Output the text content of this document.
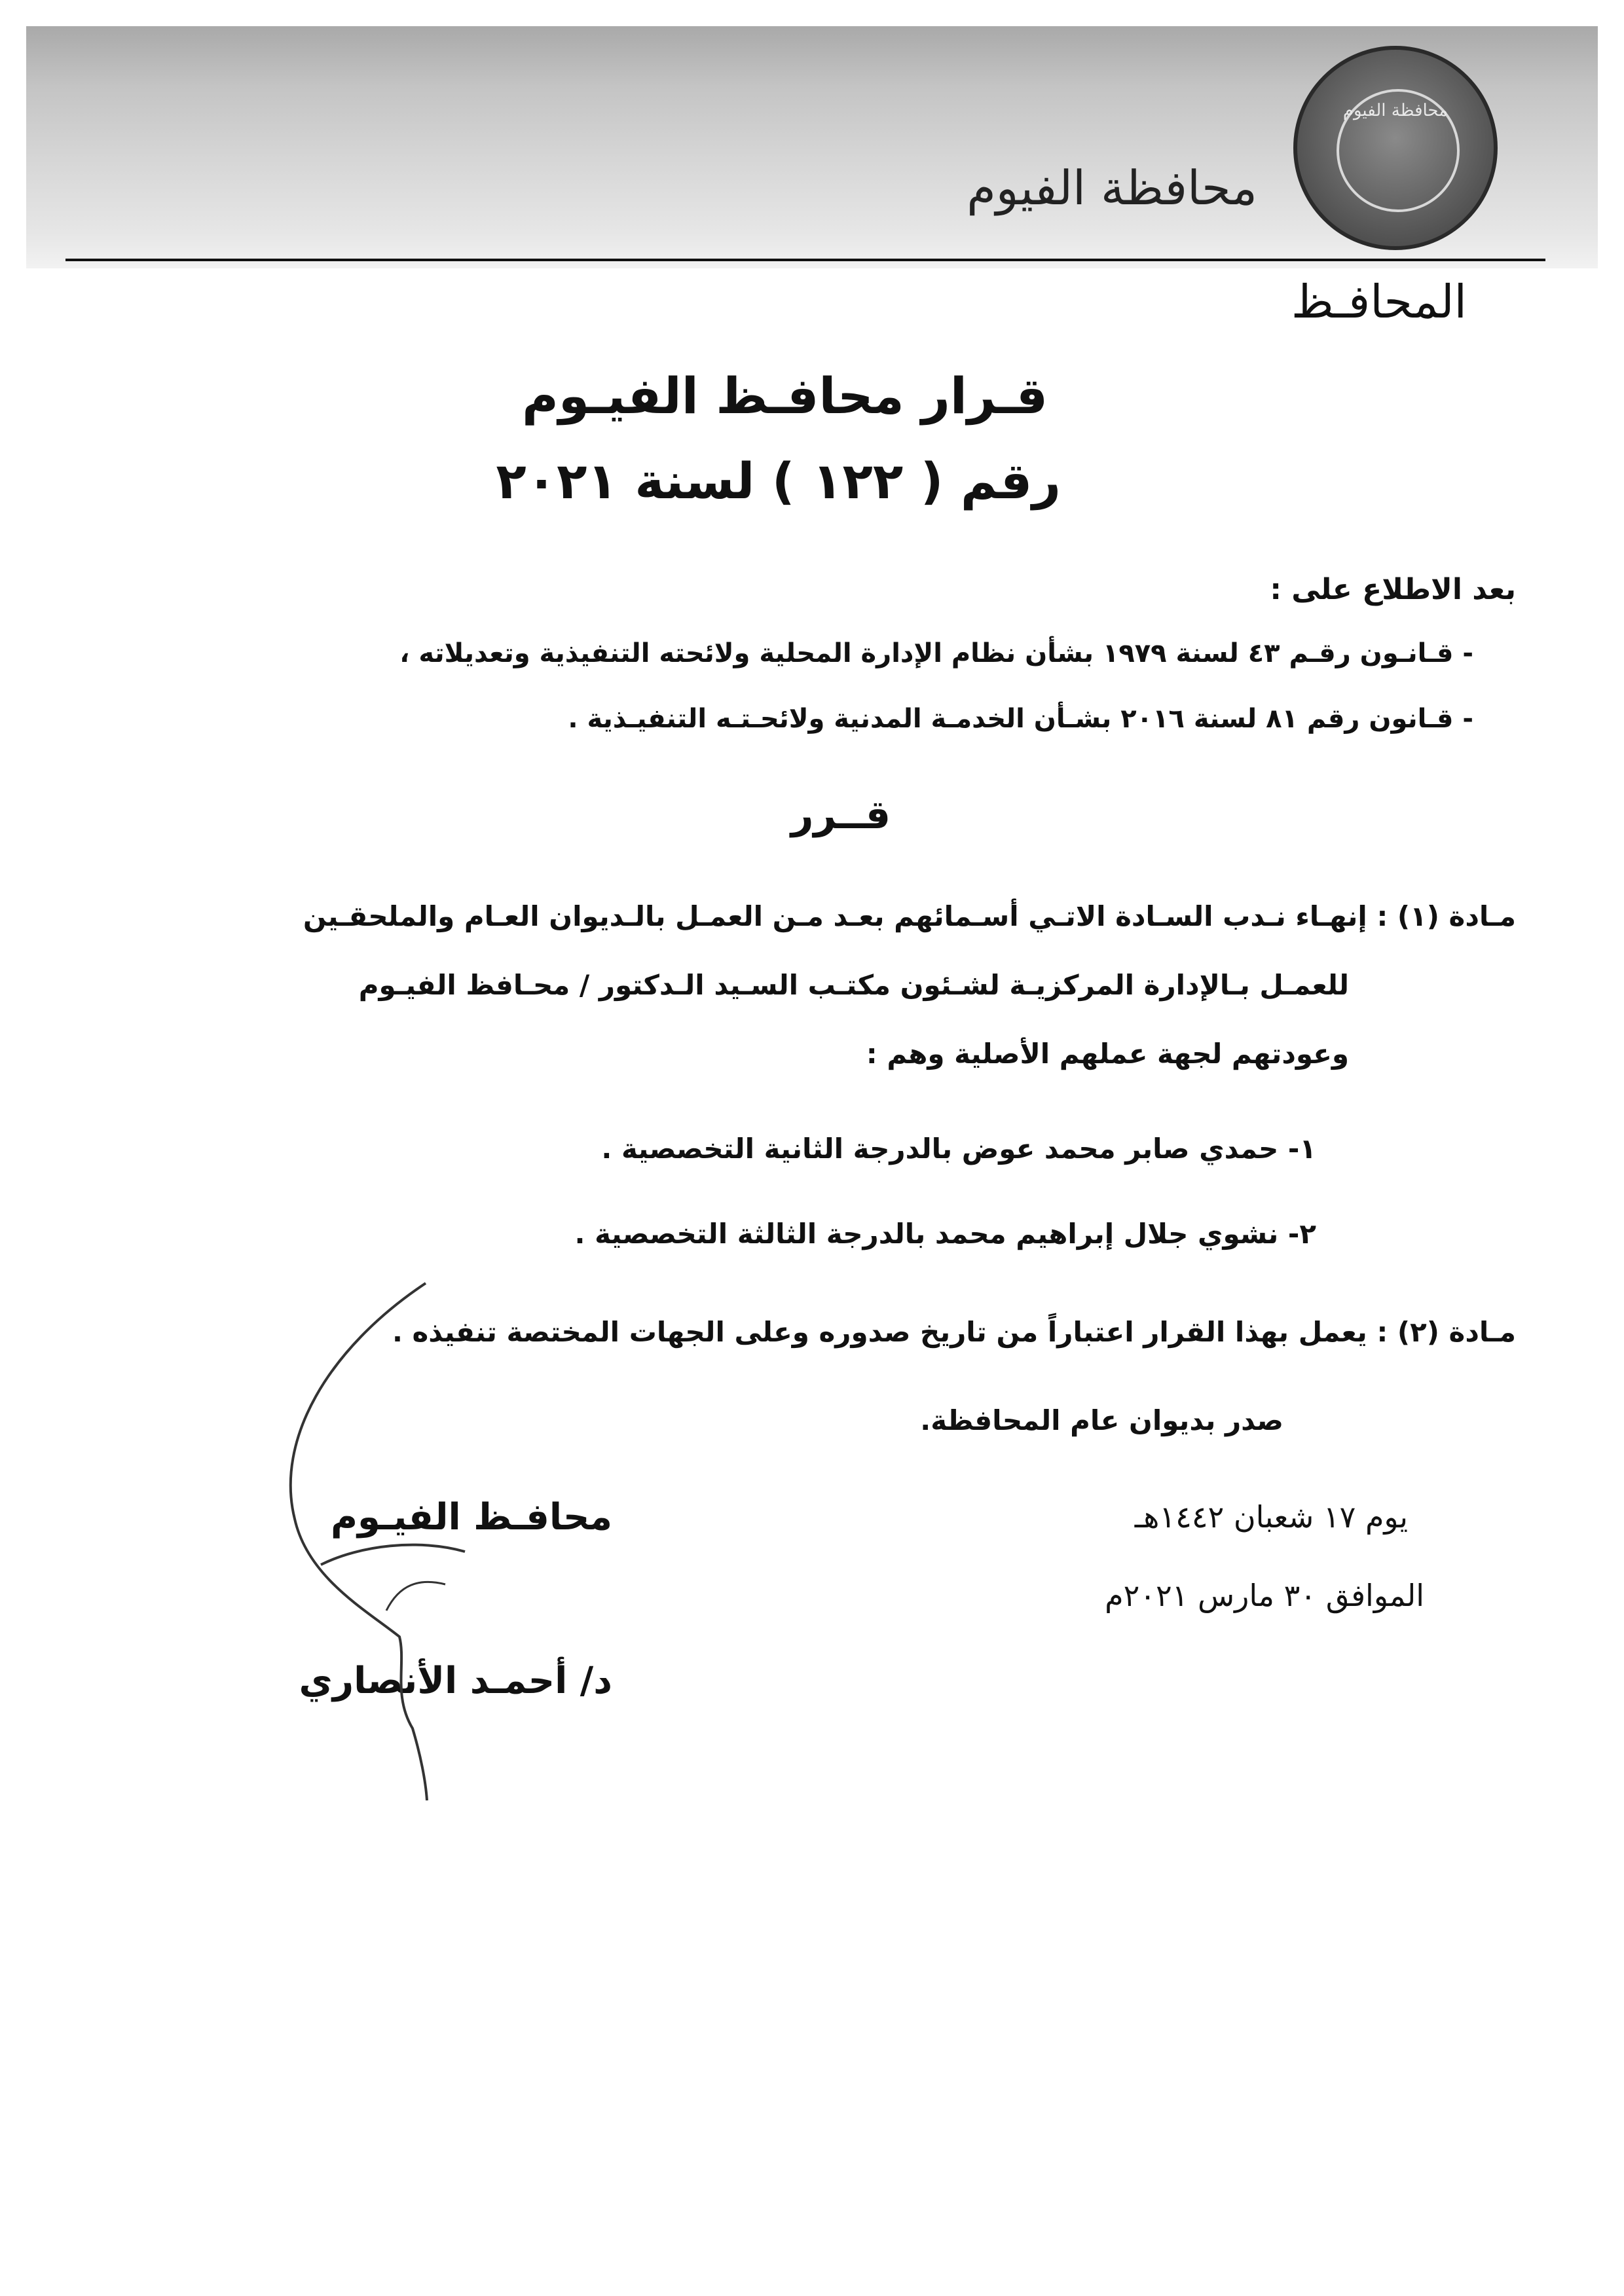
محافظة الفيوم
محافظة الفيوم
المحافـظ
قـرار محافـظ الفيـوم
رقم ( ١٢٢ ) لسنة ٢٠٢١
بعد الاطلاع على :
- قـانـون رقـم ٤٣ لسنة ١٩٧٩ بشأن نظام الإدارة المحلية ولائحته التنفيذية وتعديلاته ،
- قـانون رقم ٨١ لسنة ٢٠١٦ بشـأن الخدمـة المدنية ولائحـتـه التنفيـذية .
قــرر
مـادة (١) : إنهـاء نـدب السـادة الاتـي أسـمائهم بعـد مـن العمـل بالـديوان العـام والملحقـين
للعمـل بـالإدارة المركزيـة لشـئون مكتـب السـيد الـدكتور / محـافظ الفيـوم
وعودتهم لجهة عملهم الأصلية وهم :
١- حمدي صابر محمد عوض بالدرجة الثانية التخصصية .
٢- نشوي جلال إبراهيم محمد بالدرجة الثالثة التخصصية .
مـادة (٢) : يعمل بهذا القرار اعتباراً من تاريخ صدوره وعلى الجهات المختصة تنفيذه .
صدر بديوان عام المحافظة.
يوم ١٧ شعبان ١٤٤٢هـ
الموافق ٣٠ مارس ٢٠٢١م
محافـظ الفيـوم
د/ أحمـد الأنصاري
